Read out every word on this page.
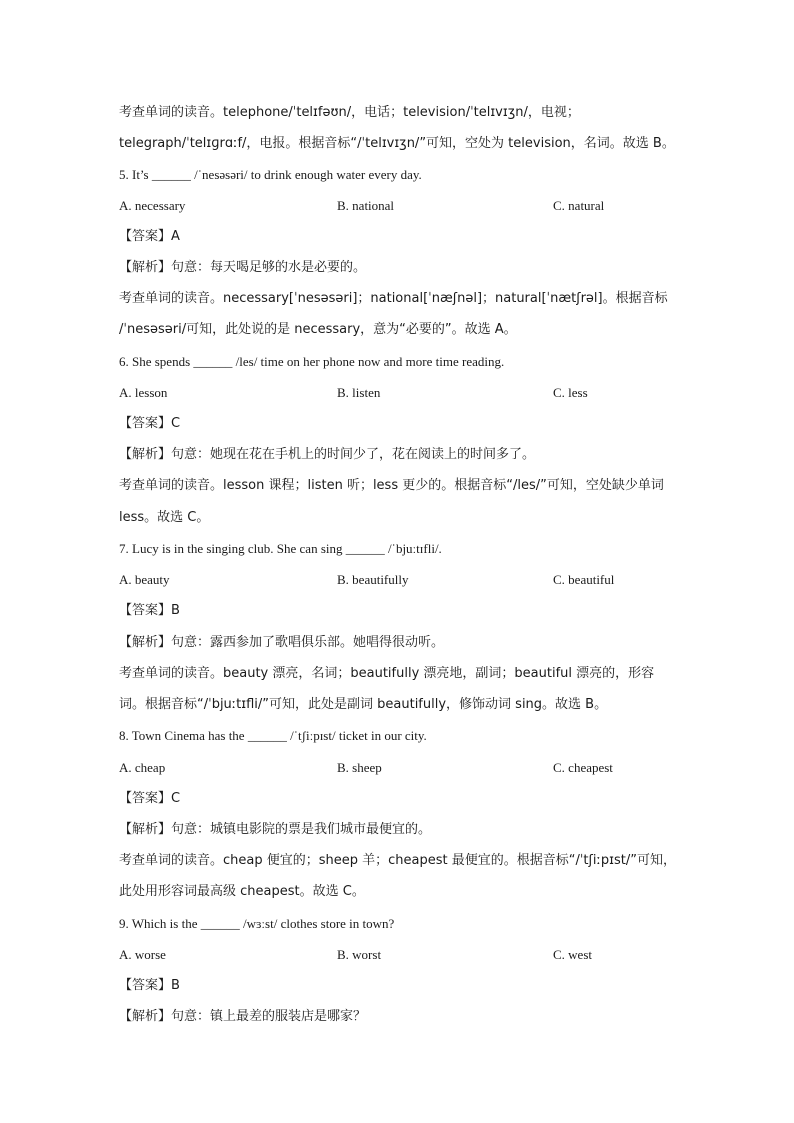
考查单词的读音。telephone/ˈtelɪfəʊn/，电话；television/ˈtelɪvɪʒn/，电视；
telegraph/ˈtelɪɡrɑːf/，电报。根据音标“/ˈtelɪvɪʒn/”可知，空处为 television，名词。故选 B。
5. It’s ______ /ˈnesəsəri/ to drink enough water every day.
A. necessary	B. national	C. natural
【答案】A
【解析】句意：每天喝足够的水是必要的。
考查单词的读音。necessary[ˈnesəsəri]；national[ˈnæʃnəl]；natural[ˈnætʃrəl]。根据音标
/ˈnesəsəri/可知，此处说的是 necessary，意为“必要的”。故选 A。
6. She spends ______ /les/ time on her phone now and more time reading.
A. lesson	B. listen	C. less
【答案】C
【解析】句意：她现在花在手机上的时间少了，花在阅读上的时间多了。
考查单词的读音。lesson 课程；listen 听；less 更少的。根据音标“/les/”可知，空处缺少单词
less。故选 C。
7. Lucy is in the singing club. She can sing ______ /ˈbjuːtɪfli/.
A. beauty	B. beautifully	C. beautiful
【答案】B
【解析】句意：露西参加了歌唱俱乐部。她唱得很动听。
考查单词的读音。beauty 漂亮，名词；beautifully 漂亮地，副词；beautiful 漂亮的，形容
词。根据音标“/ˈbjuːtɪfli/”可知，此处是副词 beautifully，修饰动词 sing。故选 B。
8. Town Cinema has the ______ /ˈtʃiːpɪst/ ticket in our city.
A. cheap	B. sheep	C. cheapest
【答案】C
【解析】句意：城镇电影院的票是我们城市最便宜的。
考查单词的读音。cheap 便宜的；sheep 羊；cheapest 最便宜的。根据音标“/ˈtʃiːpɪst/”可知，
此处用形容词最高级 cheapest。故选 C。
9. Which is the ______ /wɜːst/ clothes store in town?
A. worse	B. worst	C. west
【答案】B
【解析】句意：镇上最差的服装店是哪家？
